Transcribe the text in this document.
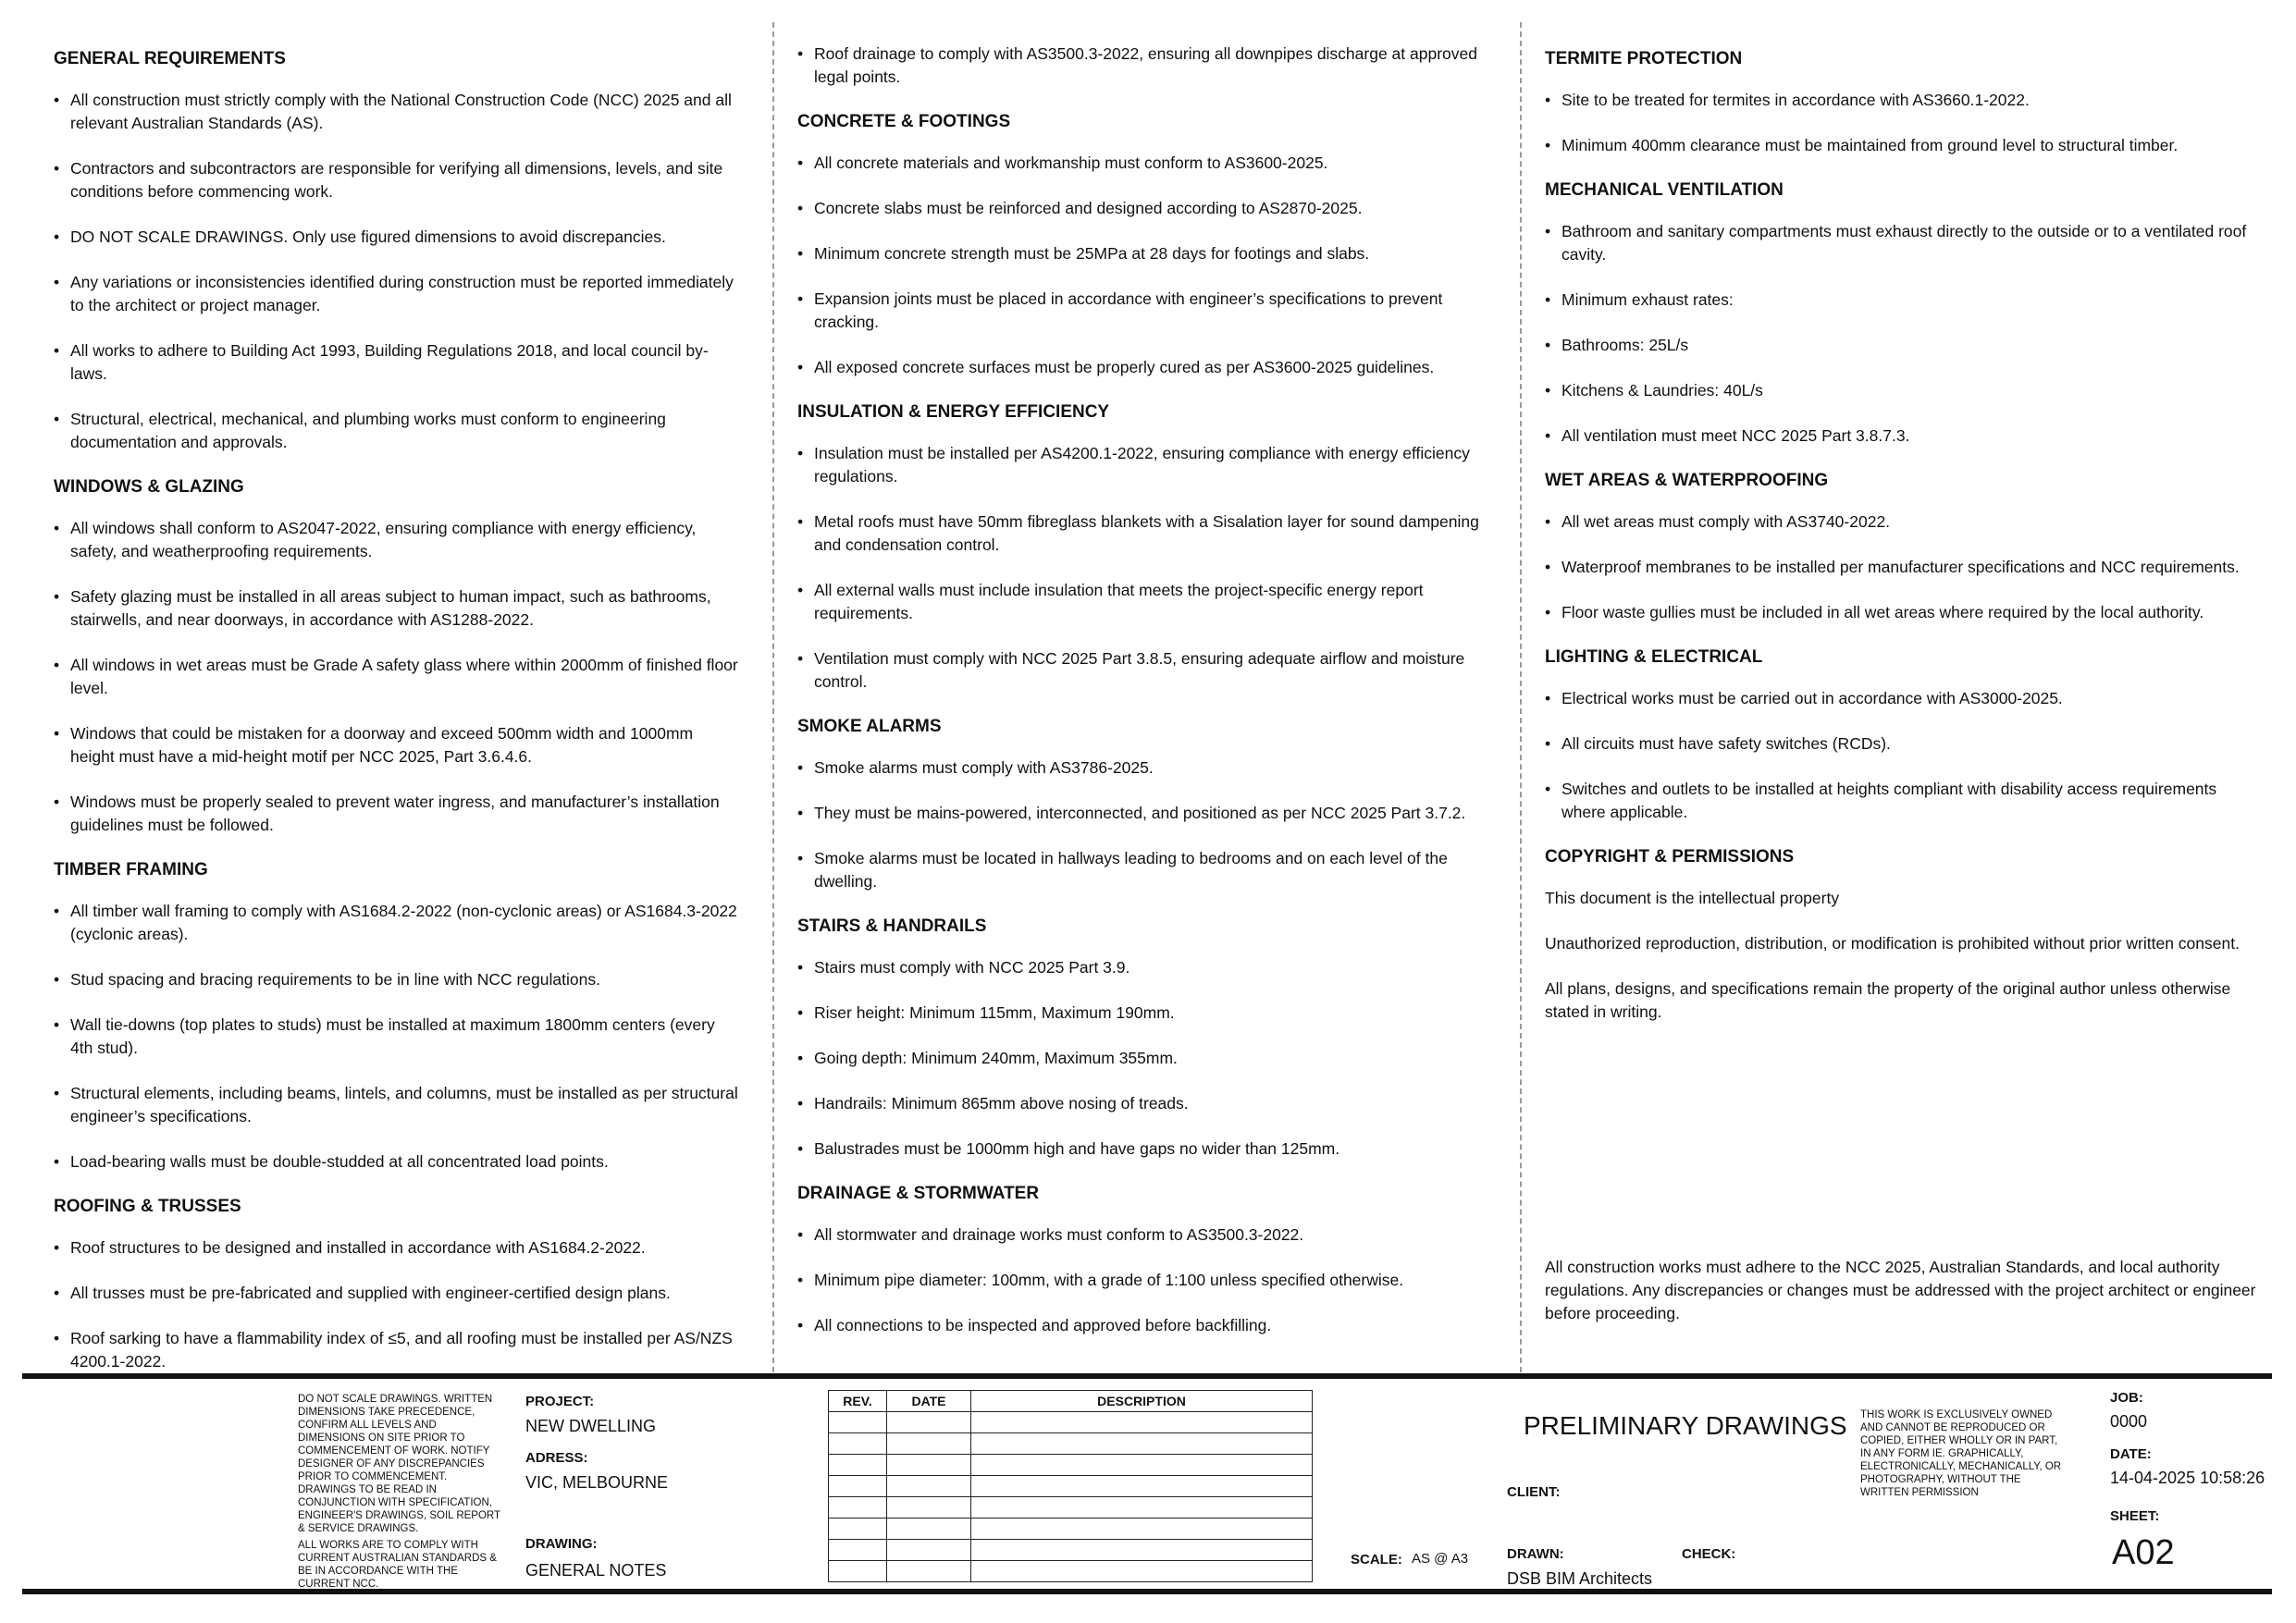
GENERAL REQUIREMENTS
• All construction must strictly comply with the National Construction Code (NCC) 2025 and all relevant Australian Standards (AS).
• Contractors and subcontractors are responsible for verifying all dimensions, levels, and site conditions before commencing work.
• DO NOT SCALE DRAWINGS. Only use figured dimensions to avoid discrepancies.
• Any variations or inconsistencies identified during construction must be reported immediately to the architect or project manager.
• All works to adhere to Building Act 1993, Building Regulations 2018, and local council by-laws.
• Structural, electrical, mechanical, and plumbing works must conform to engineering documentation and approvals.
WINDOWS & GLAZING
• All windows shall conform to AS2047-2022, ensuring compliance with energy efficiency, safety, and weatherproofing requirements.
• Safety glazing must be installed in all areas subject to human impact, such as bathrooms, stairwells, and near doorways, in accordance with AS1288-2022.
• All windows in wet areas must be Grade A safety glass where within 2000mm of finished floor level.
• Windows that could be mistaken for a doorway and exceed 500mm width and 1000mm height must have a mid-height motif per NCC 2025, Part 3.6.4.6.
• Windows must be properly sealed to prevent water ingress, and manufacturer’s installation guidelines must be followed.
TIMBER FRAMING
• All timber wall framing to comply with AS1684.2-2022 (non-cyclonic areas) or AS1684.3-2022 (cyclonic areas).
• Stud spacing and bracing requirements to be in line with NCC regulations.
• Wall tie-downs (top plates to studs) must be installed at maximum 1800mm centers (every 4th stud).
• Structural elements, including beams, lintels, and columns, must be installed as per structural engineer’s specifications.
• Load-bearing walls must be double-studded at all concentrated load points.
ROOFING & TRUSSES
• Roof structures to be designed and installed in accordance with AS1684.2-2022.
• All trusses must be pre-fabricated and supplied with engineer-certified design plans.
• Roof sarking to have a flammability index of ≤5, and all roofing must be installed per AS/NZS 4200.1-2022.
• Roof drainage to comply with AS3500.3-2022, ensuring all downpipes discharge at approved legal points.
CONCRETE & FOOTINGS
• All concrete materials and workmanship must conform to AS3600-2025.
• Concrete slabs must be reinforced and designed according to AS2870-2025.
• Minimum concrete strength must be 25MPa at 28 days for footings and slabs.
• Expansion joints must be placed in accordance with engineer’s specifications to prevent cracking.
• All exposed concrete surfaces must be properly cured as per AS3600-2025 guidelines.
INSULATION & ENERGY EFFICIENCY
• Insulation must be installed per AS4200.1-2022, ensuring compliance with energy efficiency regulations.
• Metal roofs must have 50mm fibreglass blankets with a Sisalation layer for sound dampening and condensation control.
• All external walls must include insulation that meets the project-specific energy report requirements.
• Ventilation must comply with NCC 2025 Part 3.8.5, ensuring adequate airflow and moisture control.
SMOKE ALARMS
• Smoke alarms must comply with AS3786-2025.
• They must be mains-powered, interconnected, and positioned as per NCC 2025 Part 3.7.2.
• Smoke alarms must be located in hallways leading to bedrooms and on each level of the dwelling.
STAIRS & HANDRAILS
• Stairs must comply with NCC 2025 Part 3.9.
• Riser height: Minimum 115mm, Maximum 190mm.
• Going depth: Minimum 240mm, Maximum 355mm.
• Handrails: Minimum 865mm above nosing of treads.
• Balustrades must be 1000mm high and have gaps no wider than 125mm.
DRAINAGE & STORMWATER
• All stormwater and drainage works must conform to AS3500.3-2022.
• Minimum pipe diameter: 100mm, with a grade of 1:100 unless specified otherwise.
• All connections to be inspected and approved before backfilling.
TERMITE PROTECTION
• Site to be treated for termites in accordance with AS3660.1-2022.
• Minimum 400mm clearance must be maintained from ground level to structural timber.
MECHANICAL VENTILATION
• Bathroom and sanitary compartments must exhaust directly to the outside or to a ventilated roof cavity.
• Minimum exhaust rates:
• Bathrooms: 25L/s
• Kitchens & Laundries: 40L/s
• All ventilation must meet NCC 2025 Part 3.8.7.3.
WET AREAS & WATERPROOFING
• All wet areas must comply with AS3740-2022.
• Waterproof membranes to be installed per manufacturer specifications and NCC requirements.
• Floor waste gullies must be included in all wet areas where required by the local authority.
LIGHTING & ELECTRICAL
• Electrical works must be carried out in accordance with AS3000-2025.
• All circuits must have safety switches (RCDs).
• Switches and outlets to be installed at heights compliant with disability access requirements where applicable.
COPYRIGHT & PERMISSIONS

This document is the intellectual property

Unauthorized reproduction, distribution, or modification is prohibited without prior written consent.

All plans, designs, and specifications remain the property of the original author unless otherwise stated in writing.

All construction works must adhere to the NCC 2025, Australian Standards, and local authority regulations. Any discrepancies or changes must be addressed with the project architect or engineer before proceeding.

DO NOT SCALE DRAWINGS. WRITTEN DIMENSIONS TAKE PRECEDENCE, CONFIRM ALL LEVELS AND DIMENSIONS ON SITE PRIOR TO COMMENCEMENT OF WORK. NOTIFY DESIGNER OF ANY DISCREPANCIES PRIOR TO COMMENCEMENT. DRAWINGS TO BE READ IN CONJUNCTION WITH SPECIFICATION, ENGINEER'S DRAWINGS, SOIL REPORT & SERVICE DRAWINGS.
ALL WORKS ARE TO COMPLY WITH CURRENT AUSTRALIAN STANDARDS & BE IN ACCORDANCE WITH THE CURRENT NCC.
PROJECT:
NEW DWELLING
ADRESS:
VIC, MELBOURNE
DRAWING:
GENERAL NOTES
REV.	DATE	DESCRIPTION

SCALE: AS @ A3
PRELIMINARY DRAWINGS
CLIENT:
DRAWN:
DSB BIM Architects
CHECK:
THIS WORK IS EXCLUSIVELY OWNED AND CANNOT BE REPRODUCED OR COPIED, EITHER WHOLLY OR IN PART, IN ANY FORM IE. GRAPHICALLY, ELECTRONICALLY, MECHANICALLY, OR PHOTOGRAPHY, WITHOUT THE WRITTEN PERMISSION
JOB:
0000
DATE:
14-04-2025 10:58:26
SHEET:
A02
